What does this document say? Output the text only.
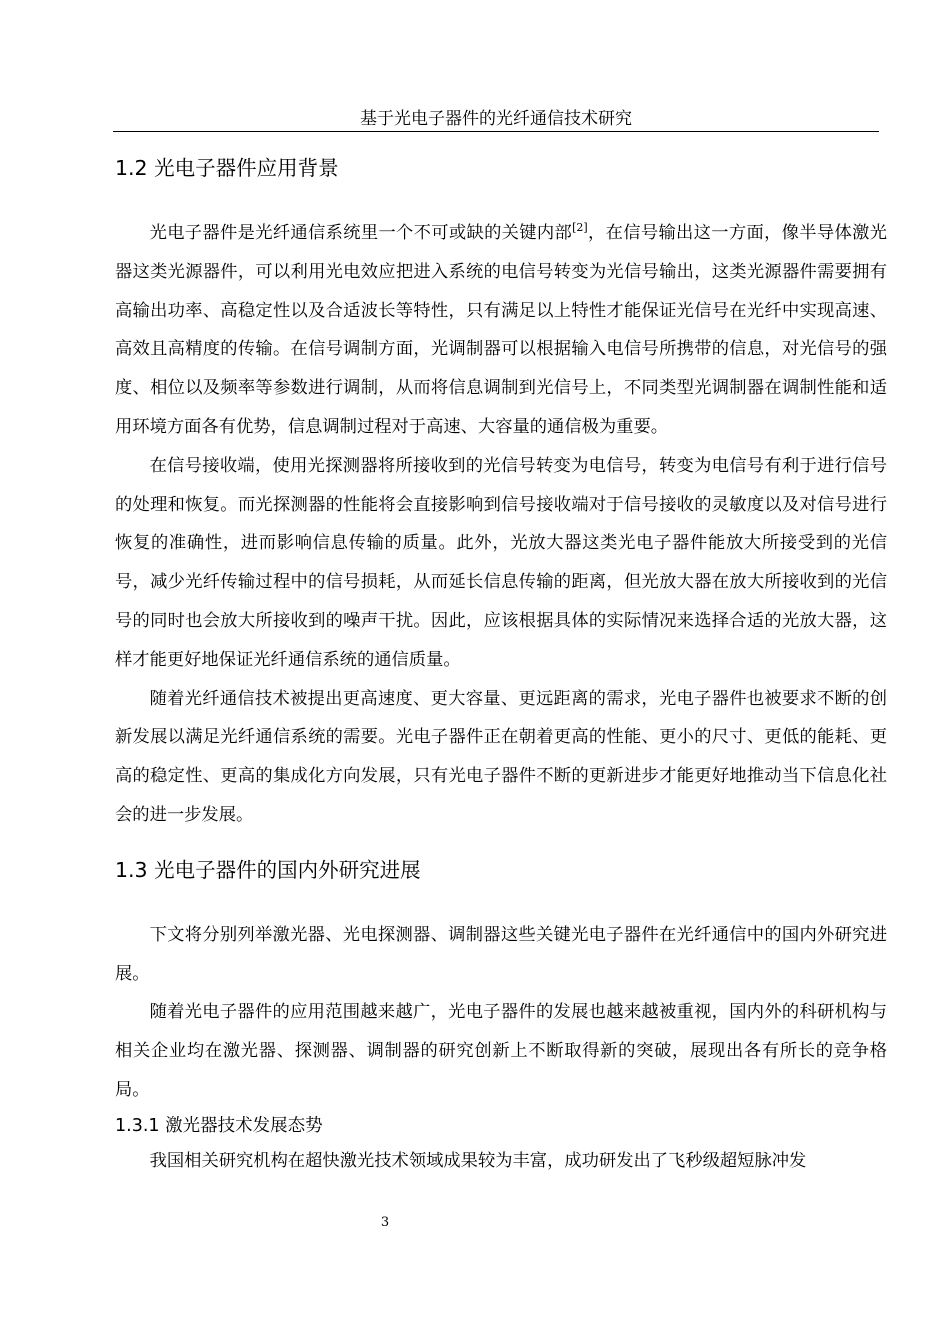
基于光电子器件的光纤通信技术研究
1.2 光电子器件应用背景

光电子器件是光纤通信系统里一个不可或缺的关键内部[2]，在信号输出这一方面，像半导体激光器这类光源器件，可以利用光电效应把进入系统的电信号转变为光信号输出，这类光源器件需要拥有高输出功率、高稳定性以及合适波长等特性，只有满足以上特性才能保证光信号在光纤中实现高速、高效且高精度的传输。在信号调制方面，光调制器可以根据输入电信号所携带的信息，对光信号的强度、相位以及频率等参数进行调制，从而将信息调制到光信号上，不同类型光调制器在调制性能和适用环境方面各有优势，信息调制过程对于高速、大容量的通信极为重要。

在信号接收端，使用光探测器将所接收到的光信号转变为电信号，转变为电信号有利于进行信号的处理和恢复。而光探测器的性能将会直接影响到信号接收端对于信号接收的灵敏度以及对信号进行恢复的准确性，进而影响信息传输的质量。此外，光放大器这类光电子器件能放大所接受到的光信号，减少光纤传输过程中的信号损耗，从而延长信息传输的距离，但光放大器在放大所接收到的光信号的同时也会放大所接收到的噪声干扰。因此，应该根据具体的实际情况来选择合适的光放大器，这样才能更好地保证光纤通信系统的通信质量。

随着光纤通信技术被提出更高速度、更大容量、更远距离的需求，光电子器件也被要求不断的创新发展以满足光纤通信系统的需要。光电子器件正在朝着更高的性能、更小的尺寸、更低的能耗、更高的稳定性、更高的集成化方向发展，只有光电子器件不断的更新进步才能更好地推动当下信息化社会的进一步发展。

1.3 光电子器件的国内外研究进展

下文将分别列举激光器、光电探测器、调制器这些关键光电子器件在光纤通信中的国内外研究进展。

随着光电子器件的应用范围越来越广，光电子器件的发展也越来越被重视，国内外的科研机构与相关企业均在激光器、探测器、调制器的研究创新上不断取得新的突破，展现出各有所长的竞争格局。

1.3.1 激光器技术发展态势

我国相关研究机构在超快激光技术领域成果较为丰富，成功研发出了飞秒级超短脉冲发

3
